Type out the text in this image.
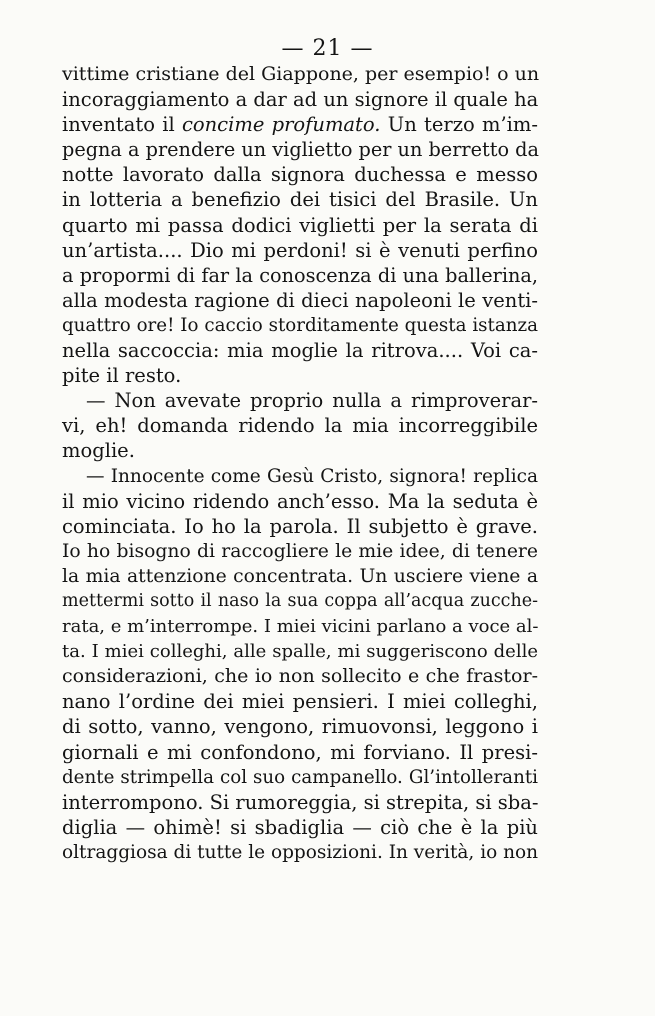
— 21 —
vittime cristiane del Giappone, per esempio! o un
incoraggiamento a dar ad un signore il quale ha
inventato il concime profumato. Un terzo m’im-
pegna a prendere un viglietto per un berretto da
notte lavorato dalla signora duchessa e messo
in lotteria a benefizio dei tisici del Brasile. Un
quarto mi passa dodici viglietti per la serata di
un’artista.... Dio mi perdoni! si è venuti perfino
a propormi di far la conoscenza di una ballerina,
alla modesta ragione di dieci napoleoni le venti-
quattro ore! Io caccio storditamente questa istanza
nella saccoccia: mia moglie la ritrova.... Voi ca-
pite il resto.
— Non avevate proprio nulla a rimproverar-
vi, eh! domanda ridendo la mia incorreggibile
moglie.
— Innocente come Gesù Cristo, signora! replica
il mio vicino ridendo anch’esso. Ma la seduta è
cominciata. Io ho la parola. Il subjetto è grave.
Io ho bisogno di raccogliere le mie idee, di tenere
la mia attenzione concentrata. Un usciere viene a
mettermi sotto il naso la sua coppa all’acqua zucche-
rata, e m’interrompe. I miei vicini parlano a voce al-
ta. I miei colleghi, alle spalle, mi suggeriscono delle
considerazioni, che io non sollecito e che frastor-
nano l’ordine dei miei pensieri. I miei colleghi,
di sotto, vanno, vengono, rimuovonsi, leggono i
giornali e mi confondono, mi forviano. Il presi-
dente strimpella col suo campanello. Gl’intolleranti
interrompono. Si rumoreggia, si strepita, si sba-
diglia — ohimè! si sbadiglia — ciò che è la più
oltraggiosa di tutte le opposizioni. In verità, io non
